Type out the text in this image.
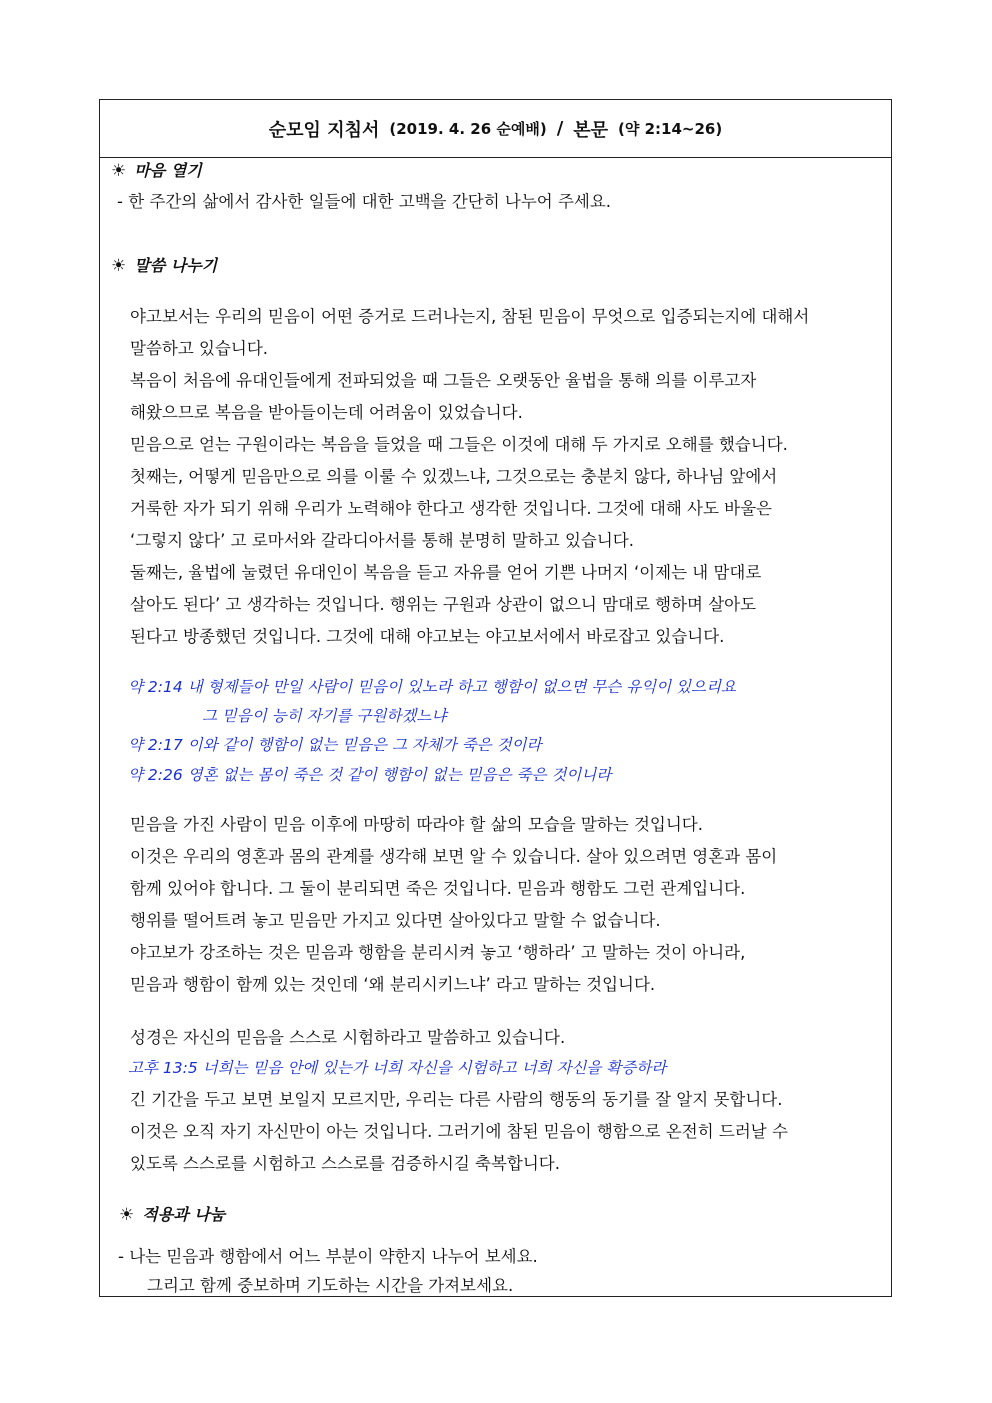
순모임 지침서 (2019. 4. 26 순예배) / 본문 (약 2:14~26)
☀ 마음 열기
- 한 주간의 삶에서 감사한 일들에 대한 고백을 간단히 나누어 주세요.
☀ 말씀 나누기
야고보서는 우리의 믿음이 어떤 증거로 드러나는지, 참된 믿음이 무엇으로 입증되는지에 대해서
말씀하고 있습니다.
복음이 처음에 유대인들에게 전파되었을 때 그들은 오랫동안 율법을 통해 의를 이루고자
해왔으므로 복음을 받아들이는데 어려움이 있었습니다.
믿음으로 얻는 구원이라는 복음을 들었을 때 그들은 이것에 대해 두 가지로 오해를 했습니다.
첫째는, 어떻게 믿음만으로 의를 이룰 수 있겠느냐, 그것으로는 충분치 않다, 하나님 앞에서
거룩한 자가 되기 위해 우리가 노력해야 한다고 생각한 것입니다. 그것에 대해 사도 바울은
‘그렇지 않다’ 고 로마서와 갈라디아서를 통해 분명히 말하고 있습니다.
둘째는, 율법에 눌렸던 유대인이 복음을 듣고 자유를 얻어 기쁜 나머지 ‘이제는 내 맘대로
살아도 된다’ 고 생각하는 것입니다. 행위는 구원과 상관이 없으니 맘대로 행하며 살아도
된다고 방종했던 것입니다. 그것에 대해 야고보는 야고보서에서 바로잡고 있습니다.
약 2:14 내 형제들아 만일 사람이 믿음이 있노라 하고 행함이 없으면 무슨 유익이 있으리요
그 믿음이 능히 자기를 구원하겠느냐
약 2:17 이와 같이 행함이 없는 믿음은 그 자체가 죽은 것이라
약 2:26 영혼 없는 몸이 죽은 것 같이 행함이 없는 믿음은 죽은 것이니라
믿음을 가진 사람이 믿음 이후에 마땅히 따라야 할 삶의 모습을 말하는 것입니다.
이것은 우리의 영혼과 몸의 관계를 생각해 보면 알 수 있습니다. 살아 있으려면 영혼과 몸이
함께 있어야 합니다. 그 둘이 분리되면 죽은 것입니다. 믿음과 행함도 그런 관계입니다.
행위를 떨어트려 놓고 믿음만 가지고 있다면 살아있다고 말할 수 없습니다.
야고보가 강조하는 것은 믿음과 행함을 분리시켜 놓고 ‘행하라’ 고 말하는 것이 아니라,
믿음과 행함이 함께 있는 것인데 ‘왜 분리시키느냐’ 라고 말하는 것입니다.
성경은 자신의 믿음을 스스로 시험하라고 말씀하고 있습니다.
고후 13:5 너희는 믿음 안에 있는가 너희 자신을 시험하고 너희 자신을 확증하라
긴 기간을 두고 보면 보일지 모르지만, 우리는 다른 사람의 행동의 동기를 잘 알지 못합니다.
이것은 오직 자기 자신만이 아는 것입니다. 그러기에 참된 믿음이 행함으로 온전히 드러날 수
있도록 스스로를 시험하고 스스로를 검증하시길 축복합니다.
☀ 적용과 나눔
- 나는 믿음과 행함에서 어느 부분이 약한지 나누어 보세요.
그리고 함께 중보하며 기도하는 시간을 가져보세요.
